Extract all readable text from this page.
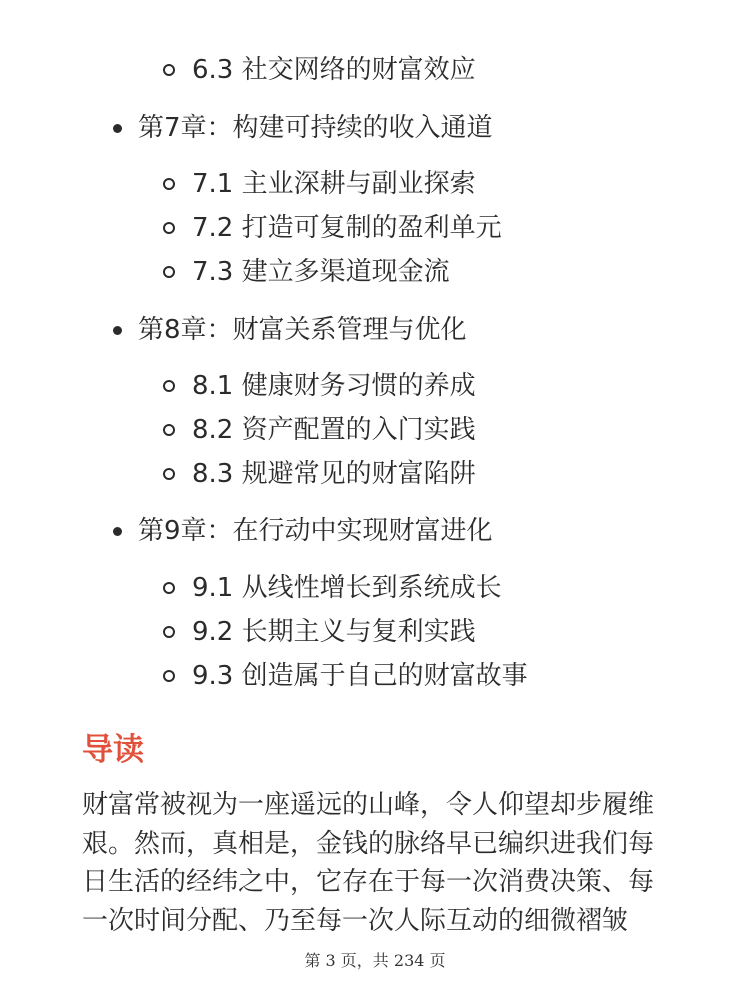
6.3 社交网络的财富效应
第7章：构建可持续的收入通道
7.1 主业深耕与副业探索
7.2 打造可复制的盈利单元
7.3 建立多渠道现金流
第8章：财富关系管理与优化
8.1 健康财务习惯的养成
8.2 资产配置的入门实践
8.3 规避常见的财富陷阱
第9章：在行动中实现财富进化
9.1 从线性增长到系统成长
9.2 长期主义与复利实践
9.3 创造属于自己的财富故事
导读

财富常被视为一座遥远的山峰，令人仰望却步履维
艰。然而，真相是，金钱的脉络早已编织进我们每
日生活的经纬之中，它存在于每一次消费决策、每
一次时间分配、乃至每一次人际互动的细微褶皱

第 3 页，共 234 页
